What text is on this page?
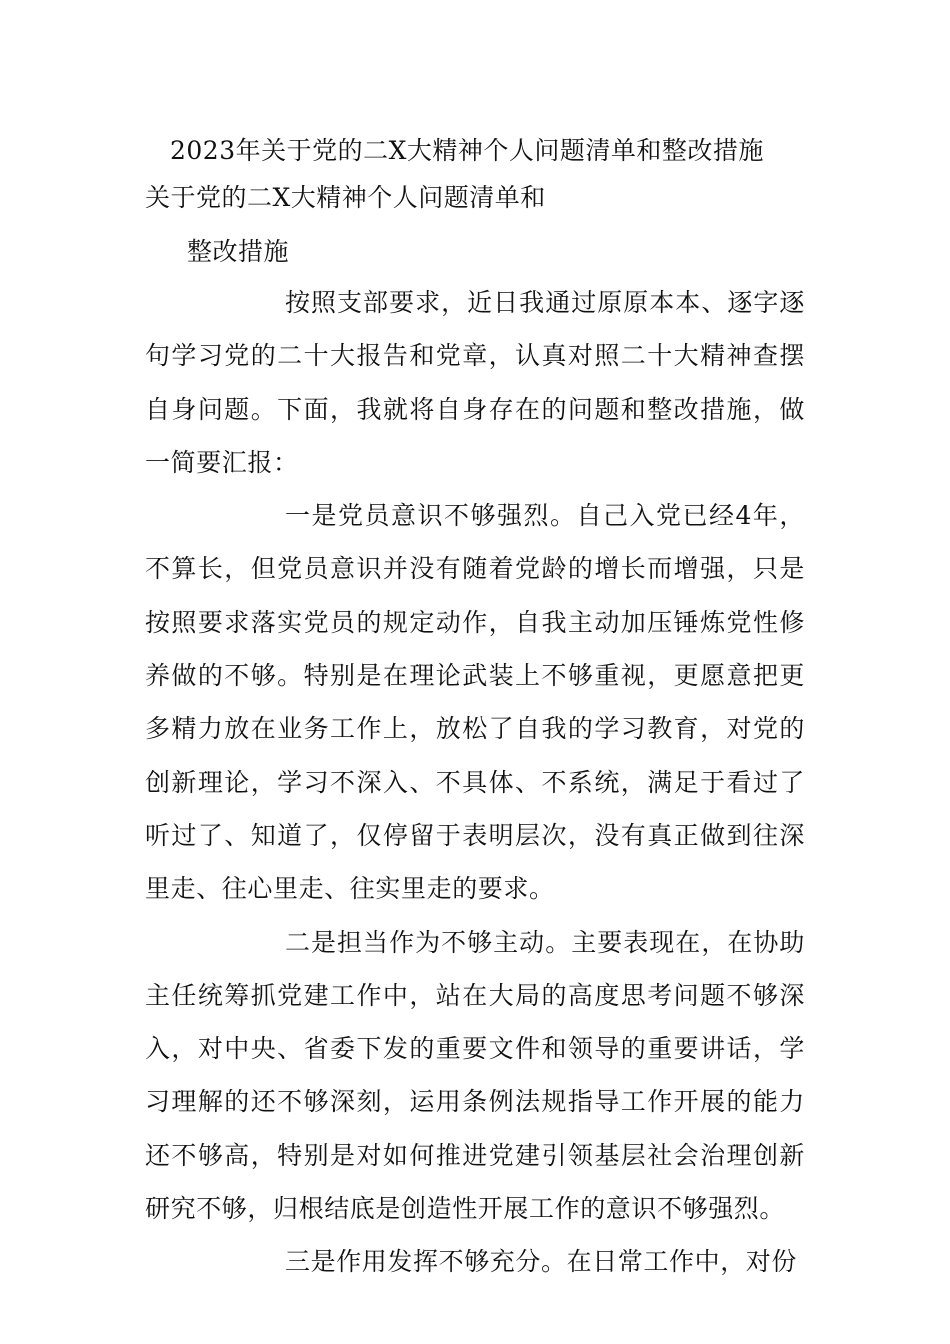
2023年关于党的二X大精神个人问题清单和整改措施
关于党的二X大精神个人问题清单和
整改措施

按照支部要求，近日我通过原原本本、逐字逐句学习党的二十大报告和党章，认真对照二十大精神查摆自身问题。下面，我就将自身存在的问题和整改措施，做一简要汇报：

一是党员意识不够强烈。自己入党已经4年，不算长，但党员意识并没有随着党龄的增长而增强，只是按照要求落实党员的规定动作，自我主动加压锤炼党性修养做的不够。特别是在理论武装上不够重视，更愿意把更多精力放在业务工作上，放松了自我的学习教育，对党的创新理论，学习不深入、不具体、不系统，满足于看过了听过了、知道了，仅停留于表明层次，没有真正做到往深里走、往心里走、往实里走的要求。

二是担当作为不够主动。主要表现在，在协助主任统筹抓党建工作中，站在大局的高度思考问题不够深入，对中央、省委下发的重要文件和领导的重要讲话，学习理解的还不够深刻，运用条例法规指导工作开展的能力还不够高，特别是对如何推进党建引领基层社会治理创新研究不够，归根结底是创造性开展工作的意识不够强烈。

三是作用发挥不够充分。在日常工作中，对份
